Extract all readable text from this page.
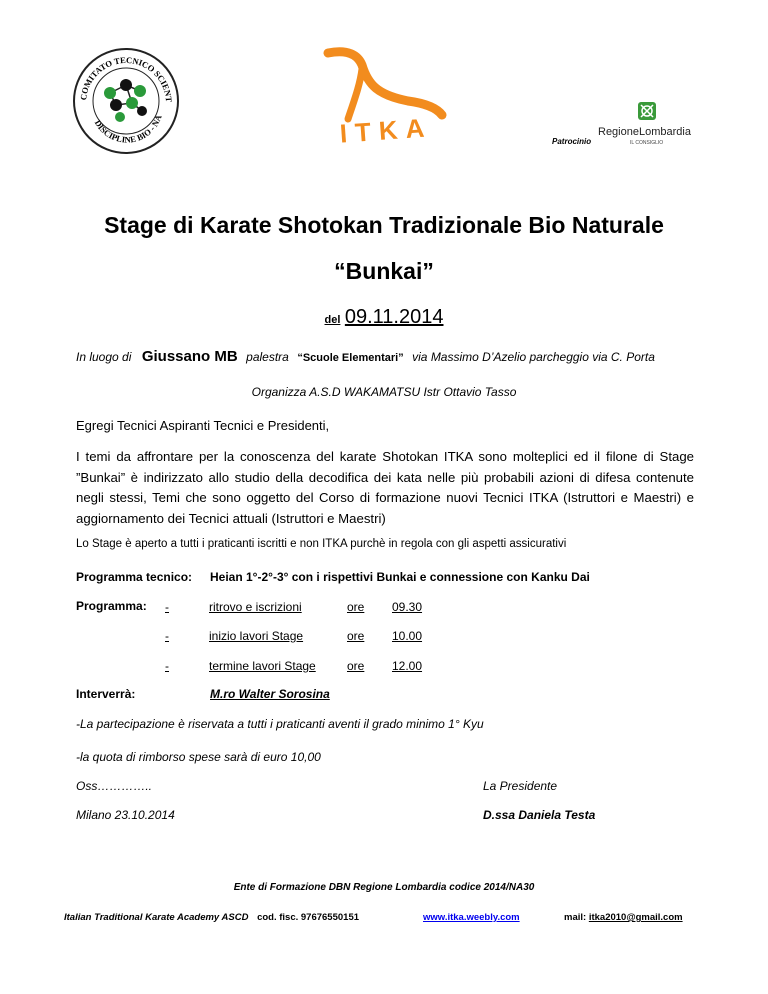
COMITATO TECNICO SCIENT
DISCIPLINE BIO - NA	ITKA	Patrocinio
RegioneLombardia
IL CONSIGLIO
Stage di Karate Shotokan Tradizionale Bio Naturale
“Bunkai”
del 09.11.2014
In luogo di Giussano MB palestra “Scuole Elementari” via Massimo D’Azelio parcheggio via C. Porta
Organizza A.S.D WAKAMATSU Istr Ottavio Tasso
Egregi Tecnici Aspiranti Tecnici e Presidenti,
I temi da affrontare per la conoscenza del karate Shotokan ITKA sono molteplici ed il filone di Stage ”Bunkai” è indirizzato allo studio della decodifica dei kata nelle più probabili azioni di difesa contenute negli stessi, Temi che sono oggetto del Corso di formazione nuovi Tecnici ITKA (Istruttori e Maestri) e aggiornamento dei Tecnici attuali (Istruttori e Maestri)
Lo Stage è aperto a tutti i praticanti iscritti e non ITKA purchè in regola con gli aspetti assicurativi
Programma tecnico: Heian 1°-2°-3° con i rispettivi Bunkai e connessione con Kanku Dai
Programma: -	ritrovo e iscrizioni	ore 09.30
-	inizio lavori Stage	ore 10.00
-	termine lavori Stage	ore 12.00
Interverrà:	M.ro Walter Sorosina
-La partecipazione è riservata a tutti i praticanti aventi il grado minimo 1° Kyu
-la quota di rimborso spese sarà di euro 10,00
Oss…………..	La Presidente
Milano 23.10.2014	D.ssa Daniela Testa
Ente di Formazione DBN Regione Lombardia codice 2014/NA30
Italian Traditional Karate Academy ASCD cod. fisc. 97676550151	www.itka.weebly.com	mail: itka2010@gmail.com
